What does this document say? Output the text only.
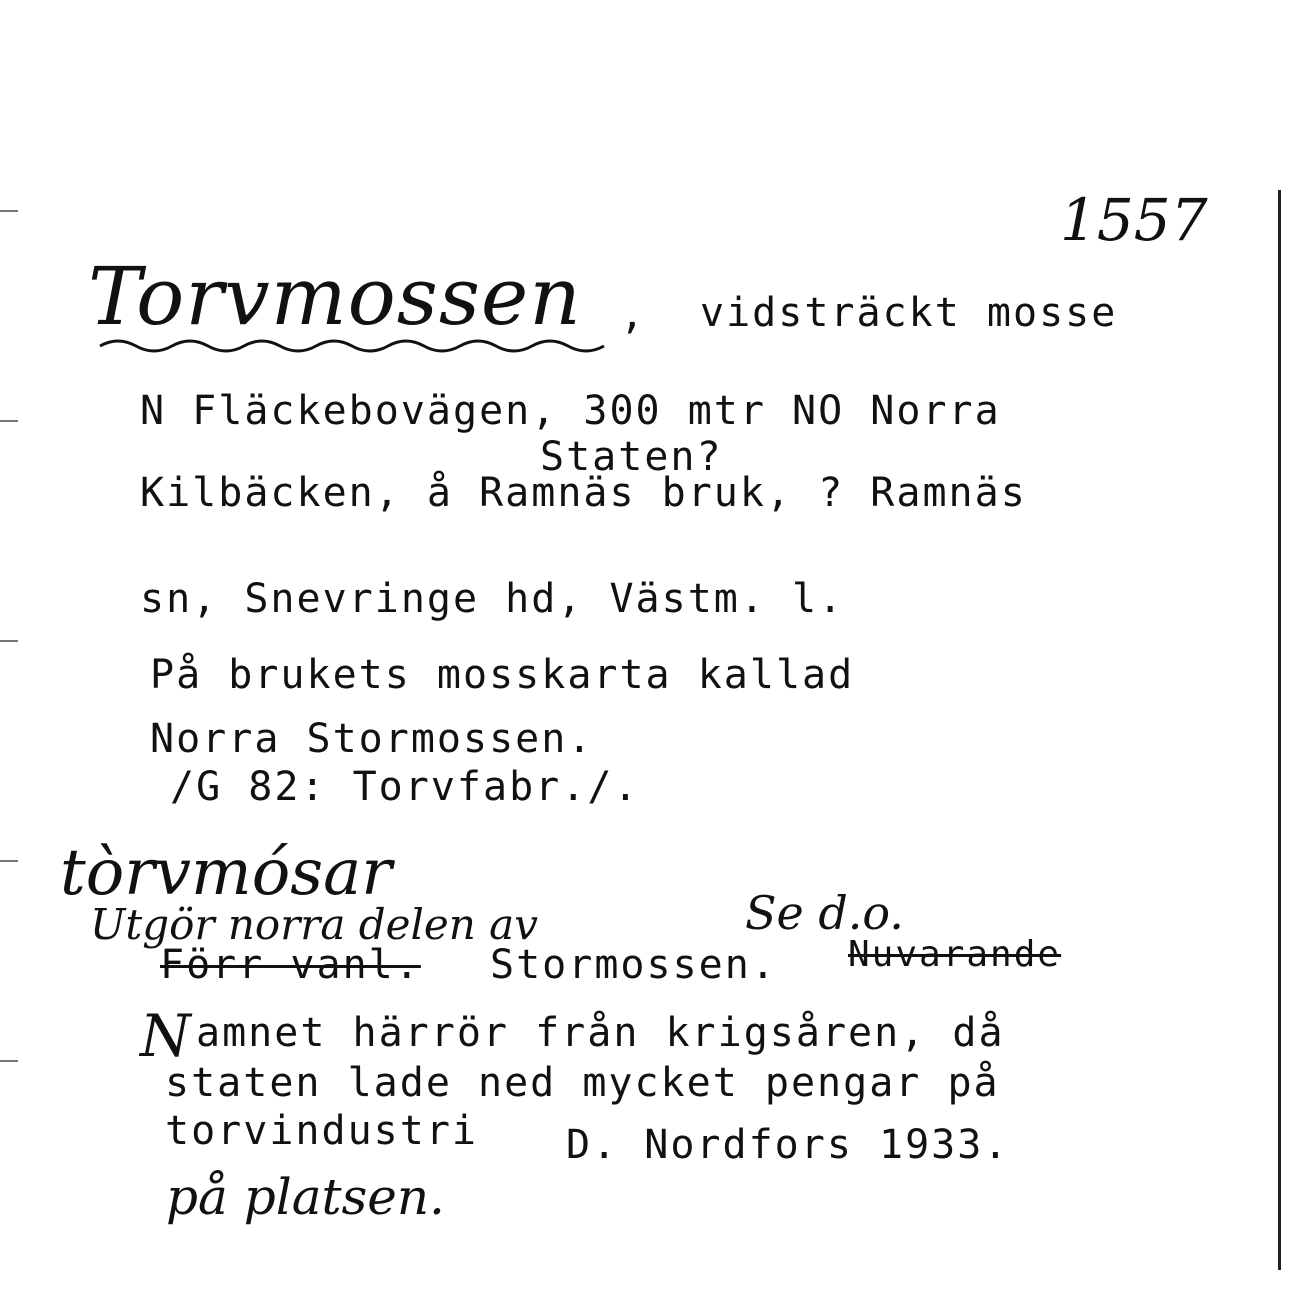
1557
Torvmossen , vidsträckt mosse
N Fläckebovägen, 300 mtr NO Norra
Staten?
Kilbäcken, å Ramnäs bruk, ? Ramnäs
sn, Snevringe hd, Västm. l.
På brukets mosskarta kallad
Norra Stormossen.
/G 82: Torvfabr./.
tòrvmósar
Utgör norra delen av	Se d.o.
Förr vanl. Stormossen. Nuvarande
N amnet härrör från krigsåren, då
staten lade ned mycket pengar på
torvindustri D. Nordfors 1933.
på platsen.
